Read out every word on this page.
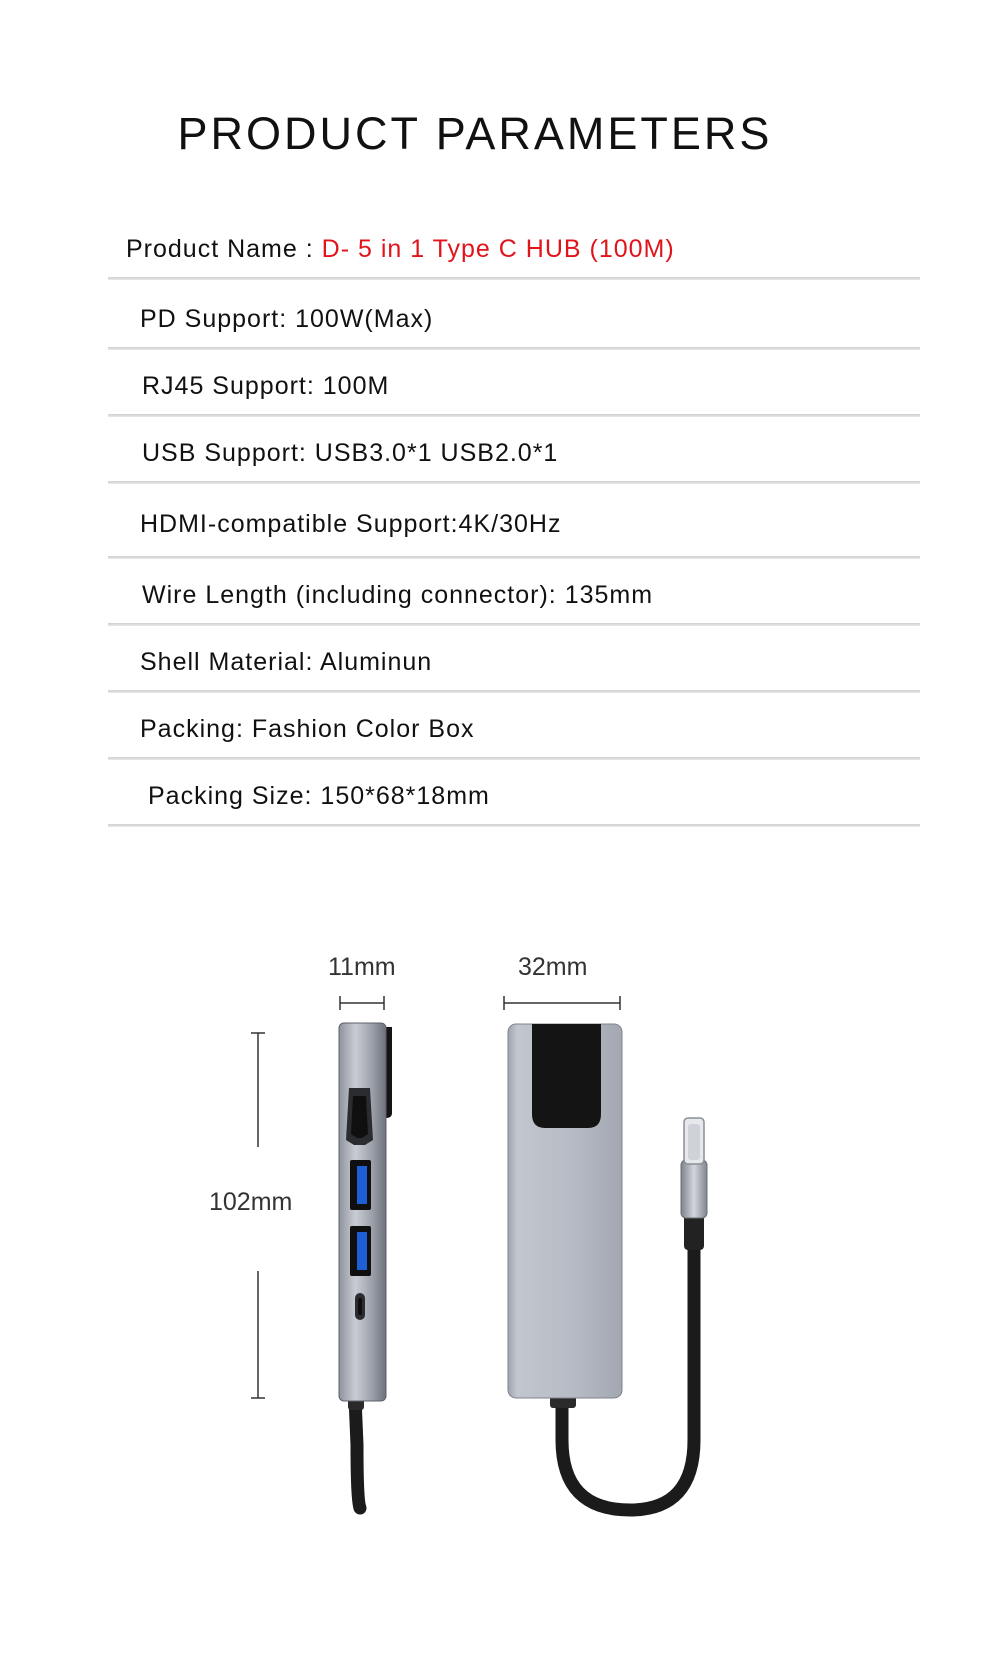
PRODUCT PARAMETERS
Product Name : D- 5 in 1 Type C HUB (100M)
PD Support: 100W(Max)
RJ45 Support: 100M
USB Support: USB3.0*1 USB2.0*1
HDMI-compatible Support:4K/30Hz
Wire Length (including connector): 135mm
Shell Material: Aluminun
Packing: Fashion Color Box
Packing Size: 150*68*18mm
11mm	32mm
102mm
